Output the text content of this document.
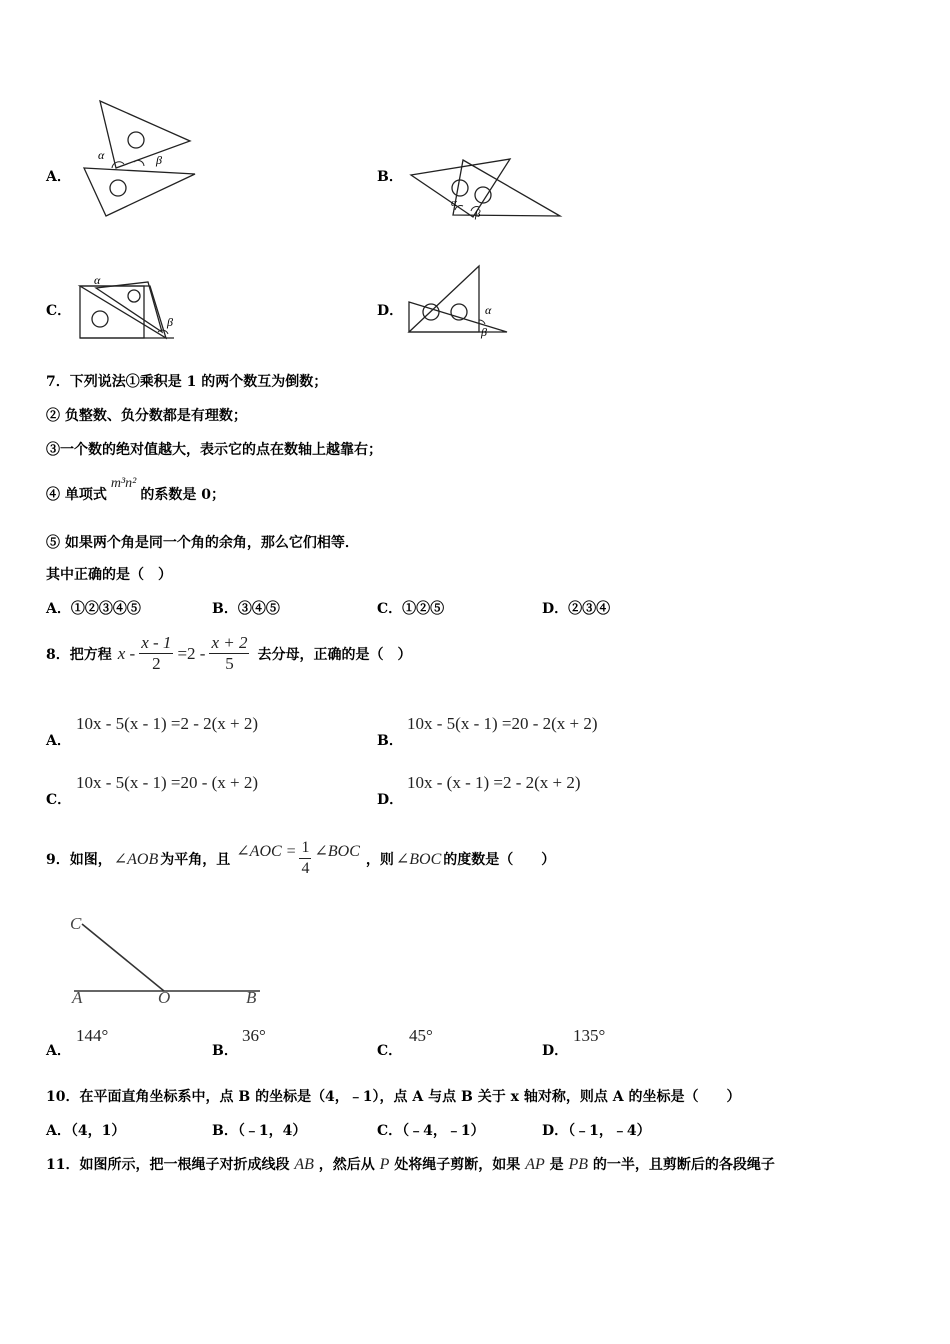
A．
α	β
B．
α
β
C．
α
β
D．	α
β
7．下列说法①乘积是 1 的两个数互为倒数；
② 负整数、负分数都是有理数；
③一个数的绝对值越大，表示它的点在数轴上越靠右；
④ 单项式m³n²的系数是 0；
⑤ 如果两个角是同一个角的余角，那么它们相等．
其中正确的是（　）
A．①②③④⑤	B．③④⑤	C．①②⑤	D．②③④
8．把方程 $x - \frac{x - 1}{2} =2 - \frac{x + 2}{5}$ 去分母，正确的是（　）
A．
10x - 5(x - 1) =2 - 2(x + 2)
B．
10x - 5(x - 1) =20 - 2(x + 2)
C．
10x - 5(x - 1) =20 - (x + 2)
D．
10x - (x - 1) =2 - 2(x + 2)
9．如图， ∠AOB 为平角，且 ∠AOC = $\frac{1}{4}$ ∠BOC ，则 ∠BOC 的度数是（　　）
C
A	O	B
A．
144°
B．
36°
C．
45°
D．
135°
10．在平面直角坐标系中，点 B 的坐标是（4，﹣1），点 A 与点 B 关于 x 轴对称，则点 A 的坐标是（　　）
A．（4，1）	B．（﹣1，4）	C．（﹣4，﹣1）	D．（﹣1，﹣4）
11．如图所示，把一根绳子对折成线段 AB ，然后从 P 处将绳子剪断，如果 AP 是 PB 的一半，且剪断后的各段绳子
